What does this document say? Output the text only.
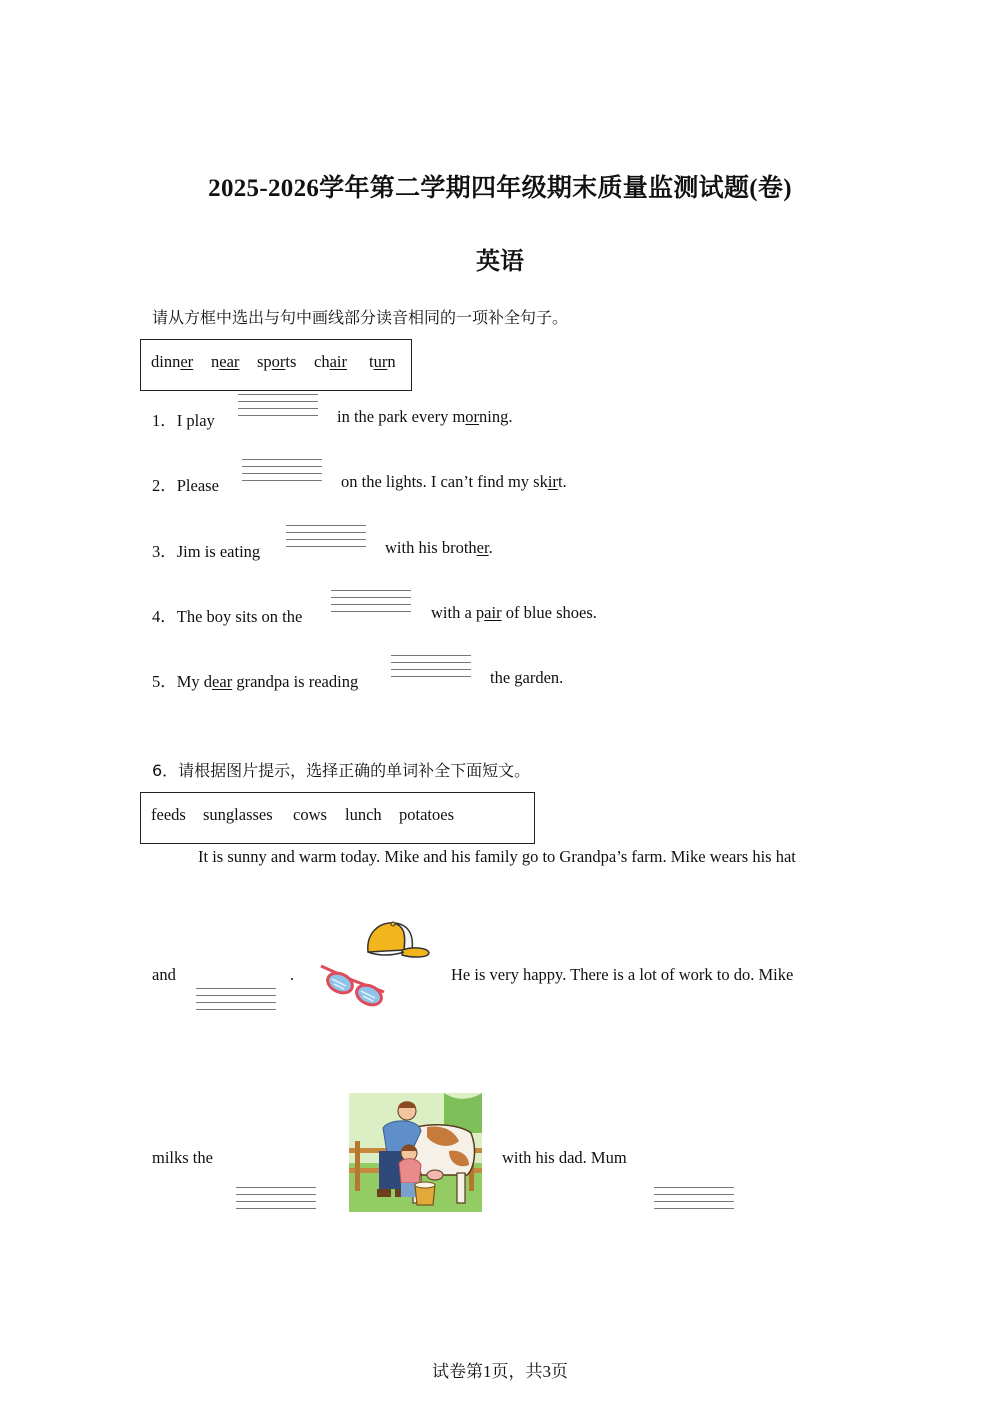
2025-2026学年第二学期四年级期末质量监测试题(卷)
英语
请从方框中选出与句中画线部分读音相同的一项补全句子。
dinner near sports chair turn
1．I play	in the park every morning.
2．Please	on the lights. I can’t find my skirt.
3．Jim is eating	with his brother.
4．The boy sits on the	with a pair of blue shoes.
5．My dear grandpa is reading	the garden.
6．请根据图片提示，选择正确的单词补全下面短文。
feeds sunglasses cows lunch potatoes
It is sunny and warm today. Mike and his family go to Grandpa’s farm. Mike wears his hat
and	.	He is very happy. There is a lot of work to do. Mike
milks the	with his dad. Mum
试卷第1页，共3页
